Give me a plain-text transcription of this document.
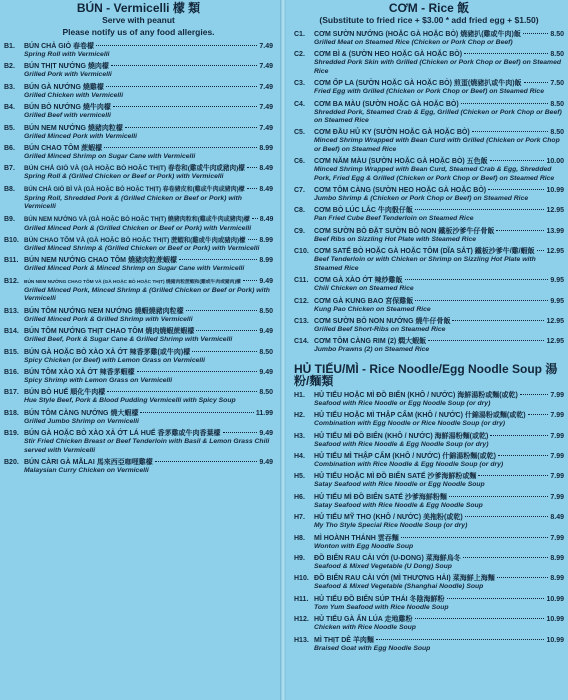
BÚN - Vermicelli 檬 類
Serve with peanut
Please notify us of any food allergies.
B1.	BÚN CHẢ GIÒ 春卷檬	7.49
Spring Roll with Vermicelli
B2.	BÚN THỊT NƯỚNG 燒肉檬	7.49
Grilled Pork with Vermicelli
B3.	BÚN GÀ NƯỚNG 燒雞檬	7.49
Grilled Chicken with Vermicelli
B4.	BÚN BÒ NƯỚNG 燒牛肉檬	7.49
Grilled Beef with vermicelli
B5.	BÚN NEM NƯỚNG 燒豬肉粒檬	7.49
Grilled Minced Pork with Vermicelli
B6.	BÚN CHAO TÔM 蔗蝦檬	8.99
Grilled Minced Shrimp on Sugar Cane with Vermicelli
B7.	BÚN CHẢ GIÒ VÀ (GÀ HOẶC BÒ HOẶC THỊT) 春卷和(雞或牛肉或豬肉)檬 8.49
Spring Roll & (Grilled Chicken or Beef or Pork) with Vermicelli
B8.	BÚN CHẢ GIÒ BÌ VÀ (GÀ HOẶC BÒ HOẶC THỊT) 春卷豬皮和(雞或牛肉或豬肉)檬 8.49
Spring Roll, Shredded Pork & (Grilled Chicken or Beef or Pork) with Vermicelli
B9.	BÚN NEM NƯỚNG VÀ (GÀ HOẶC BÒ HOẶC THỊT) 燒豬肉粒和(雞或牛肉或豬肉)檬 8.49
Grilled Minced Pork & (Grilled Chicken or Beef or Pork) with Vermicelli
B10. BÚN CHAO TÔM VÀ (GÀ HOẶC BÒ HOẶC THỊT) 蔗蝦和(雞或牛肉或豬肉)檬 8.99
Grilled Minced Shrimp & (Grilled Chicken or Beef or Pork) with Vermicelli
B11. BÚN NEM NƯỚNG CHAO TÔM 燒豬肉粒蔗蝦檬	8.99
Grilled Minced Pork & Minced Shrimp on Sugar Cane with Vermicelli
B12.	BÚN NEM NƯỚNG CHAO TÔM VÀ (GÀ HOẶC BÒ HOẶC THỊT) 燒豬肉粒蔗蝦和(雞或牛肉或豬肉)檬	9.49
Grilled Minced Pork, Minced Shrimp & (Grilled Chicken or Beef or Pork) with Vermicelli
B13. BÚN TÔM NƯỚNG NEM NƯỚNG 燒蝦燒豬肉粒檬	8.50
Grilled Minced Pork & Grilled Shrimp with Vermicelli
B14. BÚN TÔM NƯỚNG THỊT CHAO TÔM 燒肉燒蝦蔗蝦檬	9.49
Grilled Beef, Pork & Sugar Cane & Grilled Shrimp with Vermicelli
B15. BÚN GÀ HOẶC BÒ XÀO XẢ ỚT 辣香茅雞(或牛肉)檬	8.50
Spicy Chicken (or Beef) with Lemon Grass on Vermicelli
B16. BÚN TÔM XÀO XẢ ỚT 辣香茅蝦檬	9.49
Spicy Shrimp with Lemon Grass on Vermicelli
B17. BÚN BÒ HUẾ 順化牛肉檬	8.50
Hue Style Beef, Pork & Blood Pudding Vermicelli with Spicy Soup
B18. BÚN TÔM CÀNG NƯỚNG 燒大蝦檬	11.99
Grilled Jumbo Shrimp on Vermicelli
B19. BÚN GÀ HOẶC BÒ XÀO XẢ ỚT LÁ HUẾ 香茅雞或牛肉香葉檬	9.49
Stir Fried Chicken Breast or Beef Tenderloin with Basil & Lemon Grass Chili served with Vermicelli
B20. BÚN CÀRI GÀ MÃLAI 馬來西亞咖哩雞檬	9.49
Malaysian Curry Chicken on Vermicelli
CƠM - Rice 飯
(Substitute to fried rice + $3.00 * add fried egg + $1.50)
C1.	CƠM SƯỜN NƯỚNG (HOẶC GÀ HOẶC BÒ) 燒豬扒(雞或牛肉)飯	8.50
Grilled Meat on Steamed Rice (Chicken or Pork Chop or Beef)
C2.	CƠM BÌ & (SƯỜN HEO HOẶC GÀ HOẶC BÒ)	8.50
Shredded Pork Skin with Grilled (Chicken or Pork Chop or Beef) on Steamed Rice
C3.	CƠM ỐP LA (SƯỜN HOẶC GÀ HOẶC BÒ) 煎蛋(燒豬扒或牛肉)飯	7.50
Fried Egg with Grilled (Chicken or Pork Chop or Beef) on Steamed Rice
C4.	CƠM BA MÀU (SƯỜN HOẶC GÀ HOẶC BÒ)	8.50
Shredded Pork, Steamed Crab & Egg, Grilled (Chicken or Pork Chop or Beef) on Steamed Rice
C5.	CƠM ĐẦU HỦ KY (SƯỜN HOẶC GÀ HOẶC BÒ)	8.50
Minced Shrimp Wrapped with Bean Curd with Grilled (Chicken or Pork Chop or Beef) on Steamed Rice
C6.	CƠM NĂM MÀU (SƯỜN HOẶC GÀ HOẶC BÒ) 五色飯	10.00
Minced Shrimp Wrapped with Bean Curd, Steamed Crab & Egg, Shredded Pork, Fried Egg & Grilled (Chicken or Pork Chop or Beef) on Steamed Rice
C7.	CƠM TÔM CÀNG (SƯỜN HEO HOẶC GÀ HOẶC BÒ)	10.99
Jumbo Shrimp & (Chicken or Pork Chop or Beef) on Steamed Rice
C8.	CƠM BÒ LÚC LẮC 牛肉骰仔飯	12.95
Pan Fried Cube Beef Tenderloin on Steamed Rice
C9.	CƠM SƯỜN BÒ ĐẶT SƯỜN BÒ NON 鐵板沙爹牛仔骨飯	13.99
Beef Ribs on Sizzling Hot Plate with Steamed Rice
C10. CƠM SATẾ BÒ HOẶC GÀ HOẶC TÔM (DĨA SẮT) 鐵板沙爹牛/雞/蝦飯 12.95
Beef Tenderloin or with Chicken or Shrimp on Sizzling Hot Plate with Steamed Rice
C11. CƠM GÀ XÀO ỚT 辣炒雞飯	9.95
Chili Chicken on Steamed Rice
C12. CƠM GÀ KUNG BAO 宮保雞飯	9.95
Kung Pao Chicken on Steamed Rice
C13. CƠM SƯỜN BÒ NON NƯỚNG 燒牛仔骨飯	12.95
Grilled Beef Short-Ribs on Steamed Rice
C14. CƠM TÔM CÀNG RIM (2) 燜大蝦飯	12.95
Jumbo Prawns (2) on Steamed Rice
HỦ TIẾU/MÌ - Rice Noodle/Egg Noodle Soup 湯粉/麵類
H1.	HỦ TIẾU HOẶC MÌ ĐỒ BIỂN (KHÔ / NƯỚC) 海鮮湯粉或麵(或乾)	7.99
Seafood with Rice Noodle or Egg Noodle Soup (or dry)
H2.	HỦ TIẾU HOẶC MÌ THẬP CẨM (KHÔ / NƯỚC) 什錦湯粉或麵(或乾)	7.99
Combination with Egg Noodle or Rice Noodle Soup (or dry)
H3.	HỦ TIẾU MÌ ĐỒ BIỂN (KHÔ / NƯỚC) 海鮮湯粉麵(或乾)	7.99
Seafood with Rice Noodle & Egg Noodle Soup (or dry)
H4.	HỦ TIẾU MÌ THẬP CẨM (KHÔ / NƯỚC) 什錦湯粉麵(或乾)	7.99
Combination with Rice Noodle & Egg Noodle Soup (or dry)
H5.	HỦ TIẾU HOẶC MÌ ĐỒ BIỂN SATẾ 沙爹海鮮粉或麵	7.99
Satay Seafood with Rice Noodle or Egg Noodle Soup
H6.	HỦ TIẾU MÌ ĐỒ BIỂN SATẾ 沙爹海鮮粉麵	7.99
Satay Seafood with Rice Noodle & Egg Noodle Soup
H7.	HỦ TIẾU MỸ THO (KHÔ / NƯỚC) 美拖粉(或乾)	8.49
My Tho Style Special Rice Noodle Soup (or dry)
H8.	MÌ HOÀNH THÁNH 雲吞麵	7.99
Wonton with Egg Noodle Soup
H9.	ĐỒ BIỂN RAU CẢI VỚI (U-DONG) 菜海鮮烏冬	8.99
Seafood & Mixed Vegetable (U Dong) Soup
H10. ĐỒ BIỂN RAU CẢI VỚI (MÌ THƯỢNG HẢI) 菜海鮮上海麵	8.99
Seafood & Mixed Vegetable (Shanghai Noodle) Soup
H11. HỦ TIẾU ĐỒ BIỂN SÚP THÁI 冬陰海鮮粉	10.99
Tom Yum Seafood with Rice Noodle Soup
H12. HỦ TIẾU GÀ ẨN LÚA 走地雞粉	10.99
Chicken with Rice Noodle Soup
H13. MÌ THỊT DÊ 羊肉麵	10.99
Braised Goat with Egg Noodle Soup
